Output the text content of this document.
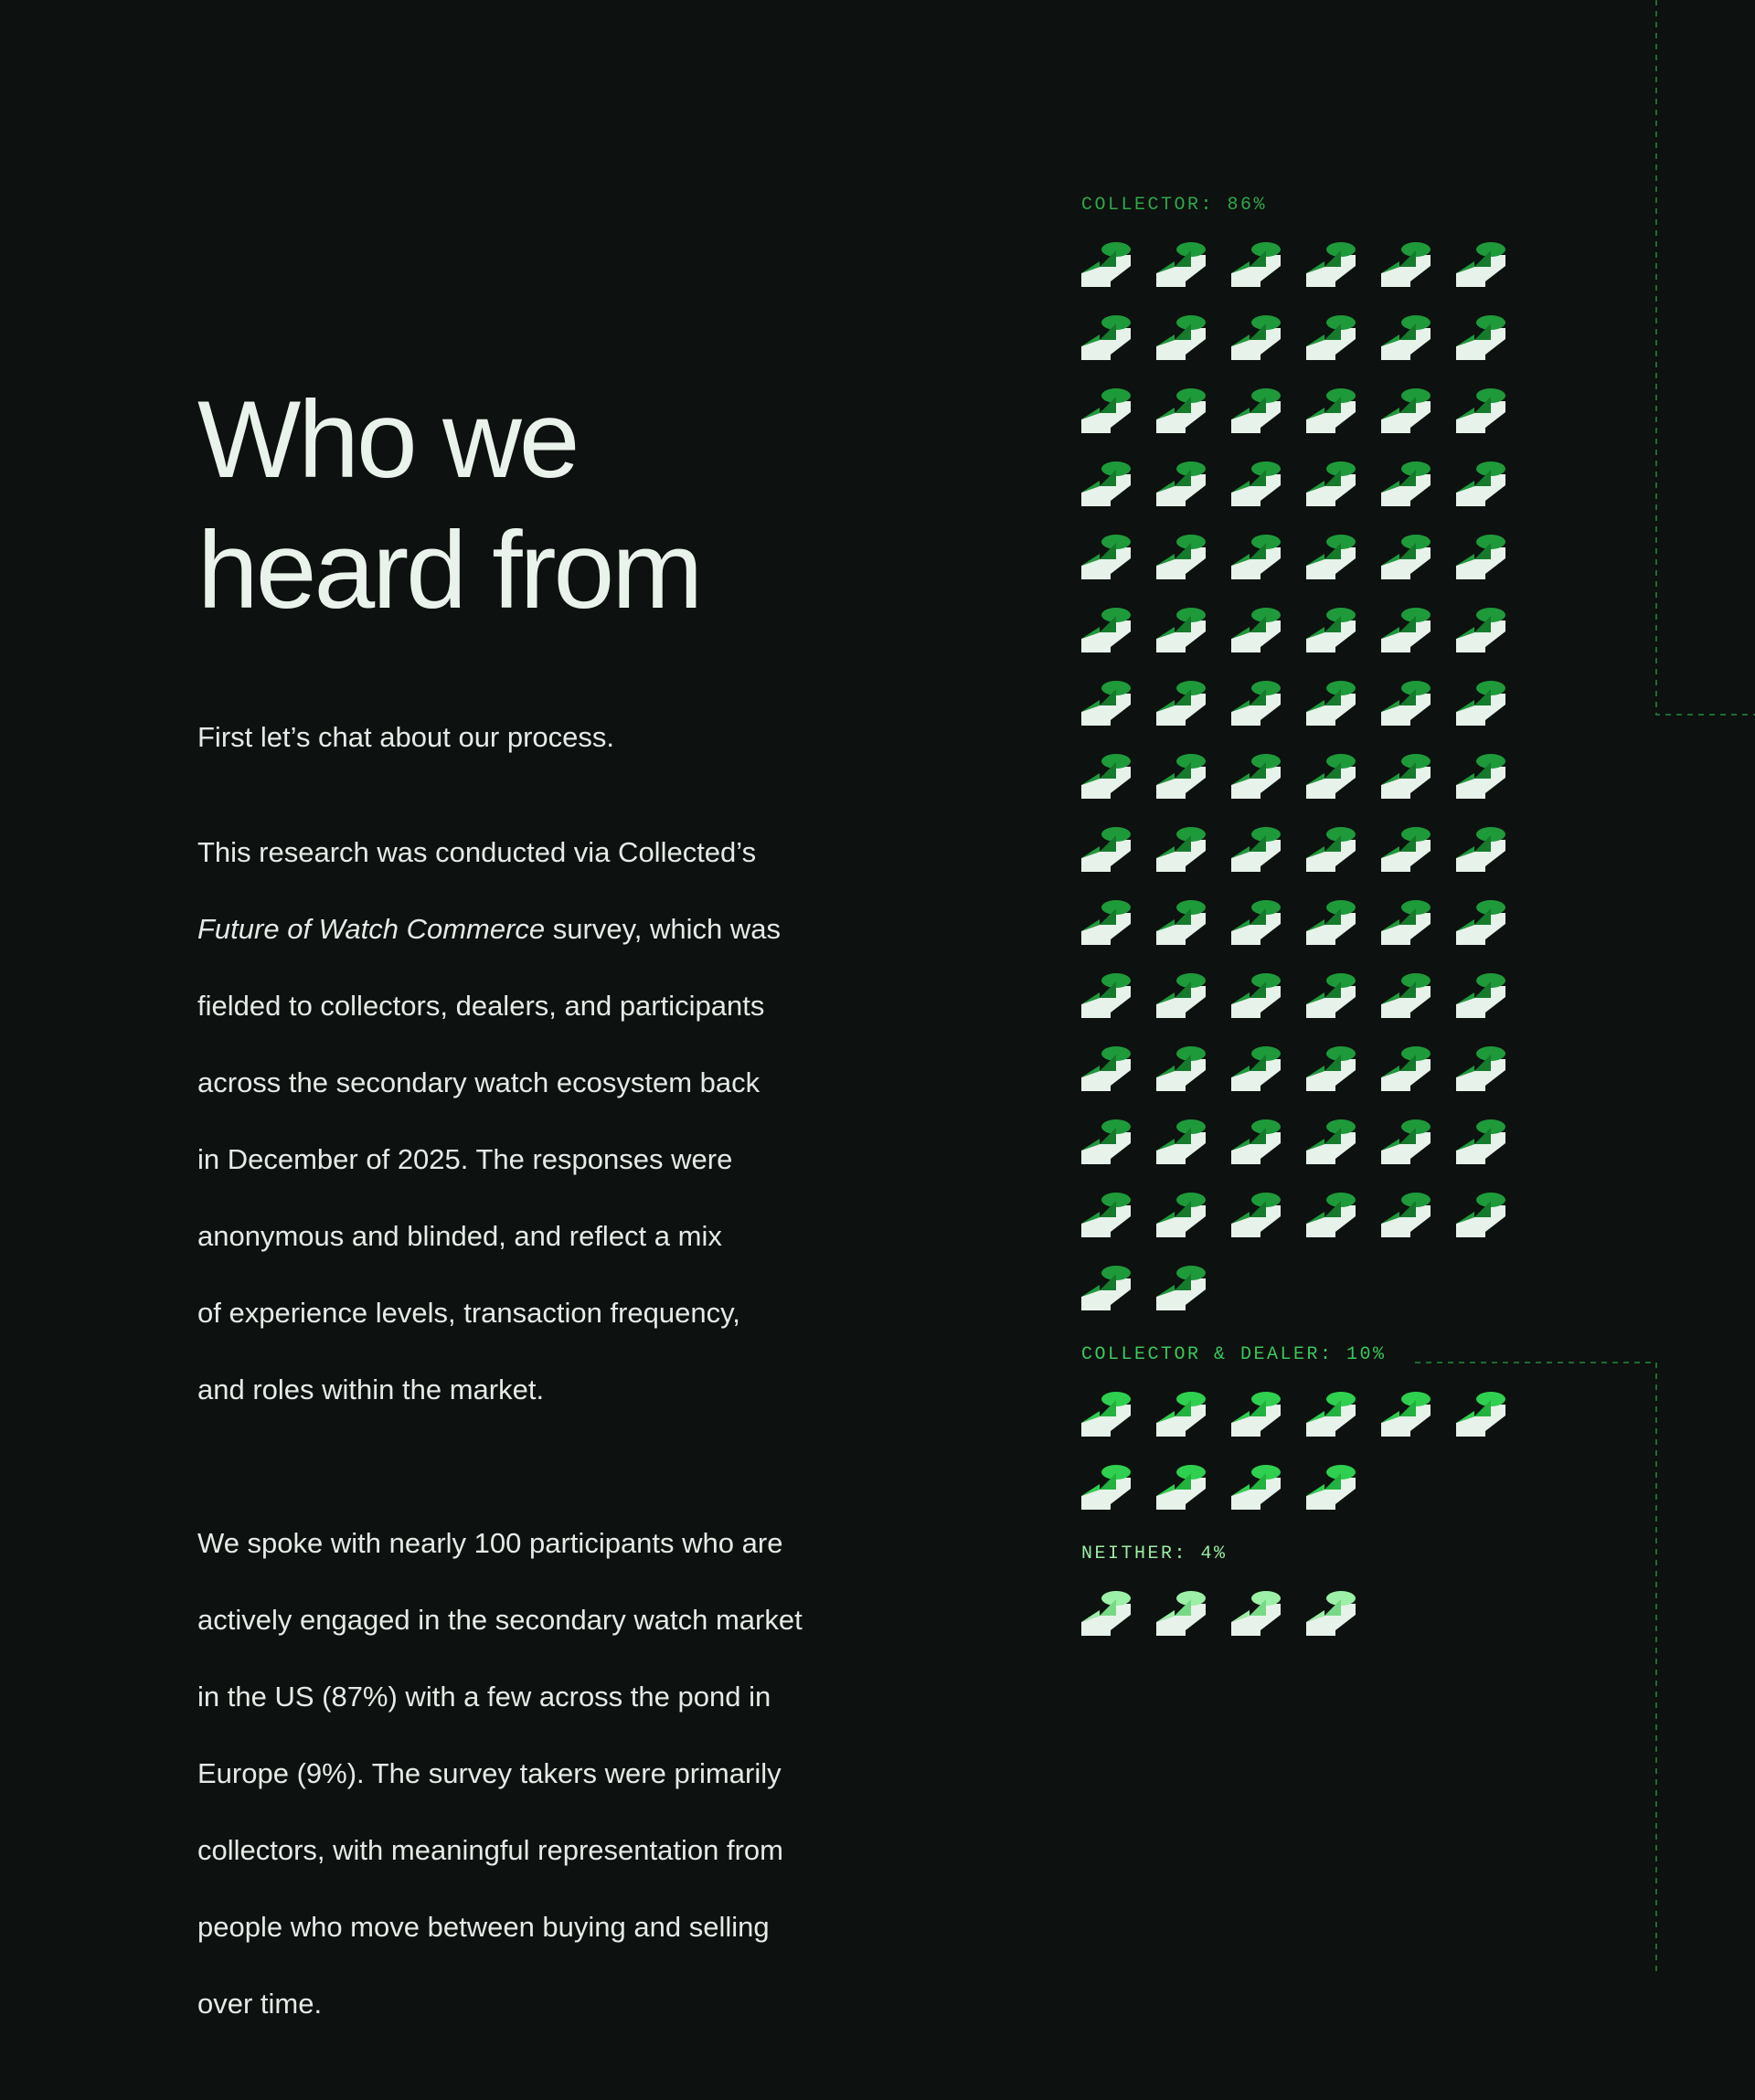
Who we
heard from

First let’s chat about our process.

This research was conducted via Collected’s

Future of Watch Commerce survey, which was

fielded to collectors, dealers, and participants

across the secondary watch ecosystem back

in December of 2025. The responses were

anonymous and blinded, and reflect a mix

of experience levels, transaction frequency,

and roles within the market.

We spoke with nearly 100 participants who are

actively engaged in the secondary watch market

in the US (87%) with a few across the pond in

Europe (9%). The survey takers were primarily

collectors, with meaningful representation from

people who move between buying and selling

over time.

COLLECTOR: 86%
COLLECTOR & DEALER: 10%
NEITHER: 4%
